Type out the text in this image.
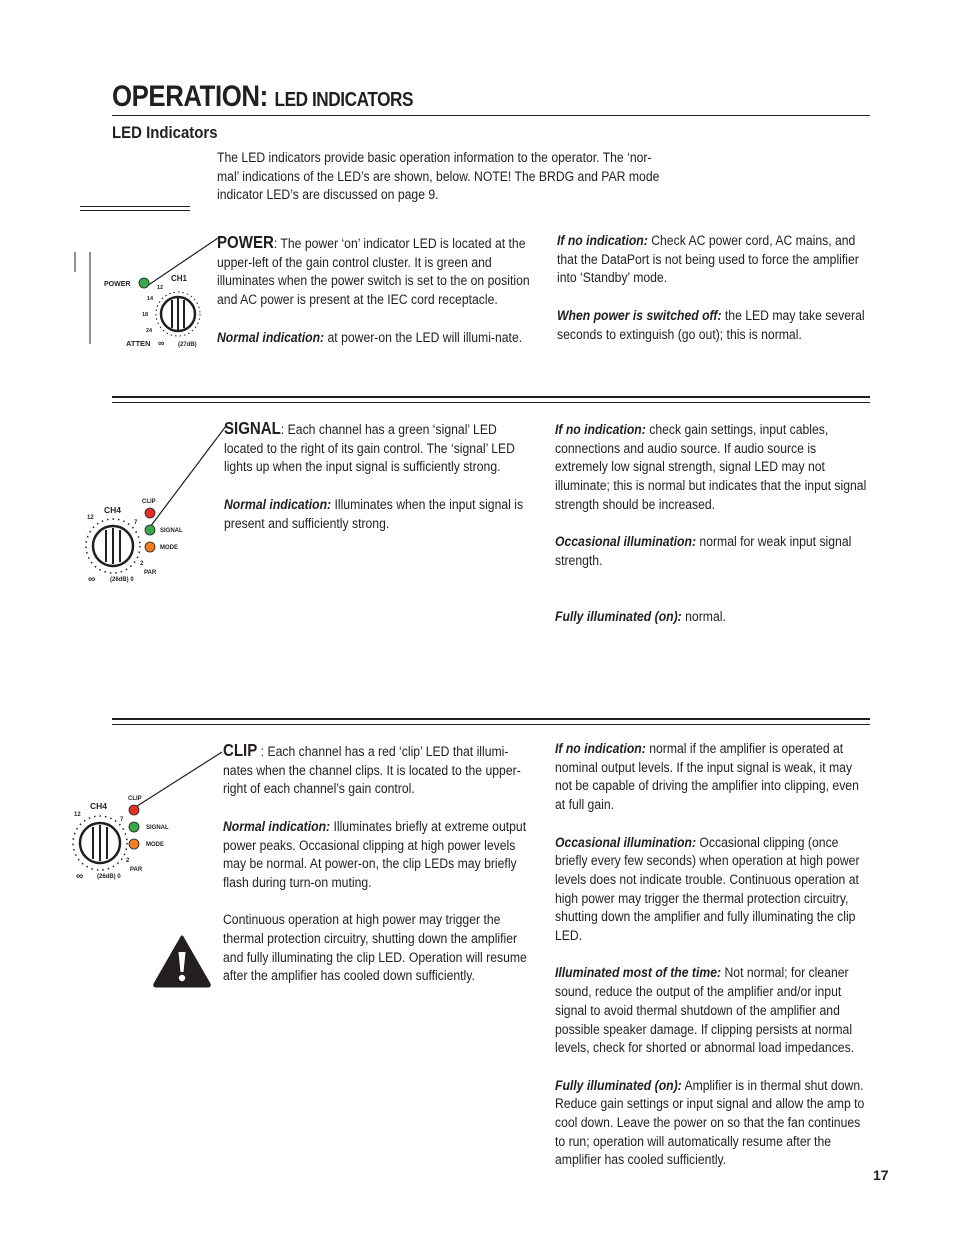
OPERATION: LED INDICATORS
LED Indicators
The LED indicators provide basic operation information to the operator. The ‘nor-mal’ indications of the LED’s are shown, below. NOTE! The BRDG and PAR mode indicator LED’s are discussed on page 9.

POWER: The power ‘on’ indicator LED is located at the upper-left of the gain control cluster. It is green and illuminates when the power switch is set to the on position and AC power is present at the IEC cord receptacle.

Normal indication: at power-on the LED will illumi-nate.

If no indication: Check AC power cord, AC mains, and that the DataPort is not being used to force the amplifier into ‘Standby’ mode.

When power is switched off: the LED may take several seconds to extinguish (go out); this is normal.

POWER
CH1
12
14
18
24
ATTEN ∞ (27dB)

SIGNAL: Each channel has a green ‘signal’ LED located to the right of its gain control. The ‘signal’ LED lights up when the input signal is sufficiently strong.

Normal indication: Illuminates when the input signal is present and sufficiently strong.

If no indication: check gain settings, input cables, connections and audio source. If audio source is extremely low signal strength, signal LED may not illuminate; this is normal but indicates that the input signal strength should be increased.

Occasional illumination: normal for weak input signal strength.

Fully illuminated (on): normal.

CLIP
CH4
SIGNAL
MODE
PAR
12
7
2
∞ (26dB) 0

CLIP : Each channel has a red ‘clip’ LED that illumi-nates when the channel clips. It is located to the upper-right of each channel’s gain control.

Normal indication: Illuminates briefly at extreme output power peaks. Occasional clipping at high power levels may be normal. At power-on, the clip LEDs may briefly flash during turn-on muting.

Continuous operation at high power may trigger the thermal protection circuitry, shutting down the amplifier and fully illuminating the clip LED. Operation will resume after the amplifier has cooled down sufficiently.

If no indication: normal if the amplifier is operated at nominal output levels. If the input signal is weak, it may not be capable of driving the amplifier into clipping, even at full gain.

Occasional illumination: Occasional clipping (once briefly every few seconds) when operation at high power levels does not indicate trouble. Continuous operation at high power may trigger the thermal protection circuitry, shutting down the amplifier and fully illuminating the clip LED.

Illuminated most of the time: Not normal; for cleaner sound, reduce the output of the amplifier and/or input signal to avoid thermal shutdown of the amplifier and possible speaker damage. If clipping persists at normal levels, check for shorted or abnormal load impedances.

Fully illuminated (on): Amplifier is in thermal shut down. Reduce gain settings or input signal and allow the amp to cool down. Leave the power on so that the fan continues to run; operation will automatically resume after the amplifier has cooled sufficiently.

CLIP
CH4
SIGNAL
MODE
PAR
12
7
2
∞ (26dB) 0
17
